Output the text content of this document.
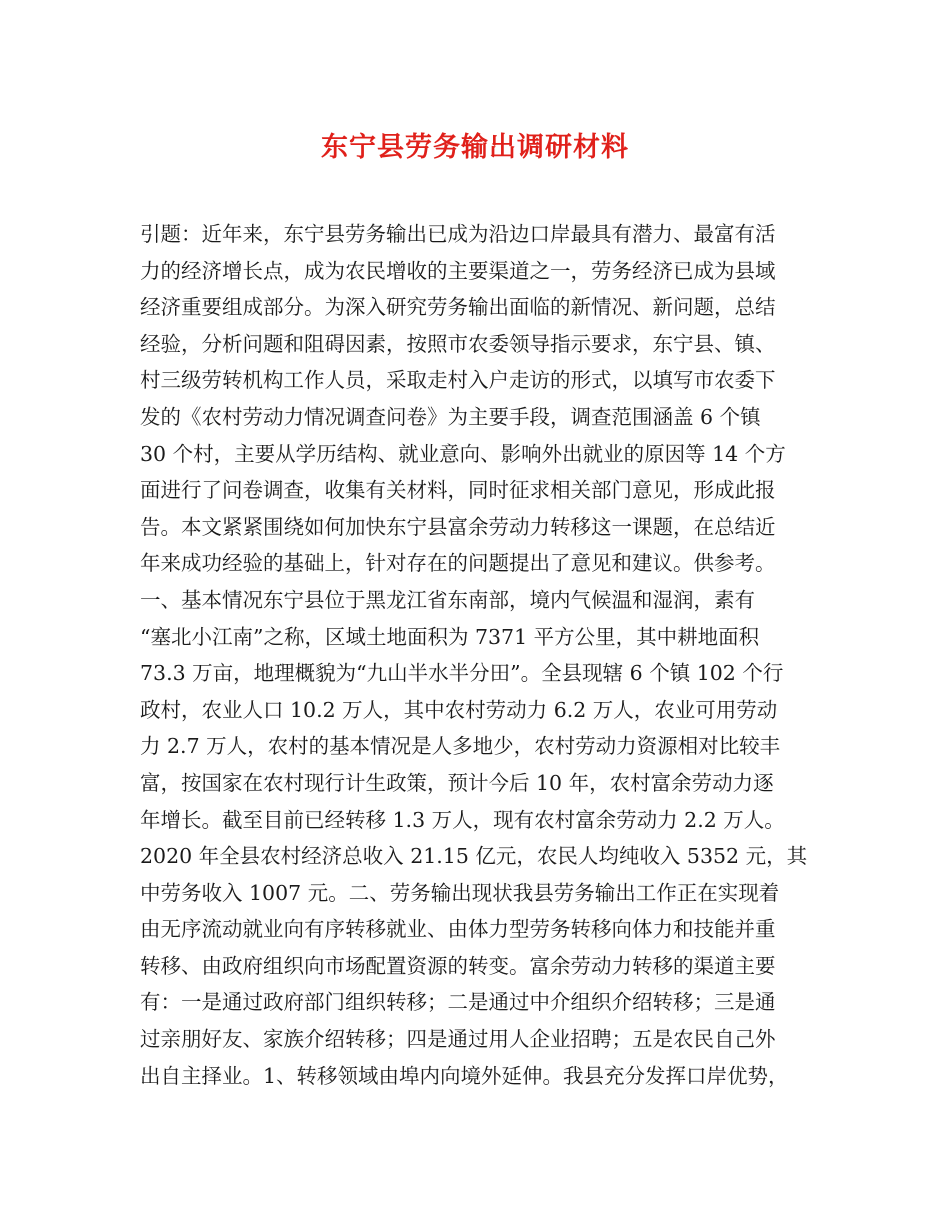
东宁县劳务输出调研材料
引题：近年来，东宁县劳务输出已成为沿边口岸最具有潜力、最富有活
力的经济增长点，成为农民增收的主要渠道之一，劳务经济已成为县域
经济重要组成部分。为深入研究劳务输出面临的新情况、新问题，总结
经验，分析问题和阻碍因素，按照市农委领导指示要求，东宁县、镇、
村三级劳转机构工作人员，采取走村入户走访的形式，以填写市农委下
发的《农村劳动力情况调查问卷》为主要手段，调查范围涵盖 6 个镇
30 个村，主要从学历结构、就业意向、影响外出就业的原因等 14 个方
面进行了问卷调查，收集有关材料，同时征求相关部门意见，形成此报
告。本文紧紧围绕如何加快东宁县富余劳动力转移这一课题，在总结近
年来成功经验的基础上，针对存在的问题提出了意见和建议。供参考。
一、基本情况东宁县位于黑龙江省东南部，境内气候温和湿润，素有
“塞北小江南”之称，区域土地面积为 7371 平方公里，其中耕地面积
73.3 万亩，地理概貌为“九山半水半分田”。全县现辖 6 个镇 102 个行
政村，农业人口 10.2 万人，其中农村劳动力 6.2 万人，农业可用劳动
力 2.7 万人，农村的基本情况是人多地少，农村劳动力资源相对比较丰
富，按国家在农村现行计生政策，预计今后 10 年，农村富余劳动力逐
年增长。截至目前已经转移 1.3 万人，现有农村富余劳动力 2.2 万人。
2020 年全县农村经济总收入 21.15 亿元，农民人均纯收入 5352 元，其
中劳务收入 1007 元。二、劳务输出现状我县劳务输出工作正在实现着
由无序流动就业向有序转移就业、由体力型劳务转移向体力和技能并重
转移、由政府组织向市场配置资源的转变。富余劳动力转移的渠道主要
有：一是通过政府部门组织转移；二是通过中介组织介绍转移；三是通
过亲朋好友、家族介绍转移；四是通过用人企业招聘；五是农民自己外
出自主择业。1、转移领域由埠内向境外延伸。我县充分发挥口岸优势，
